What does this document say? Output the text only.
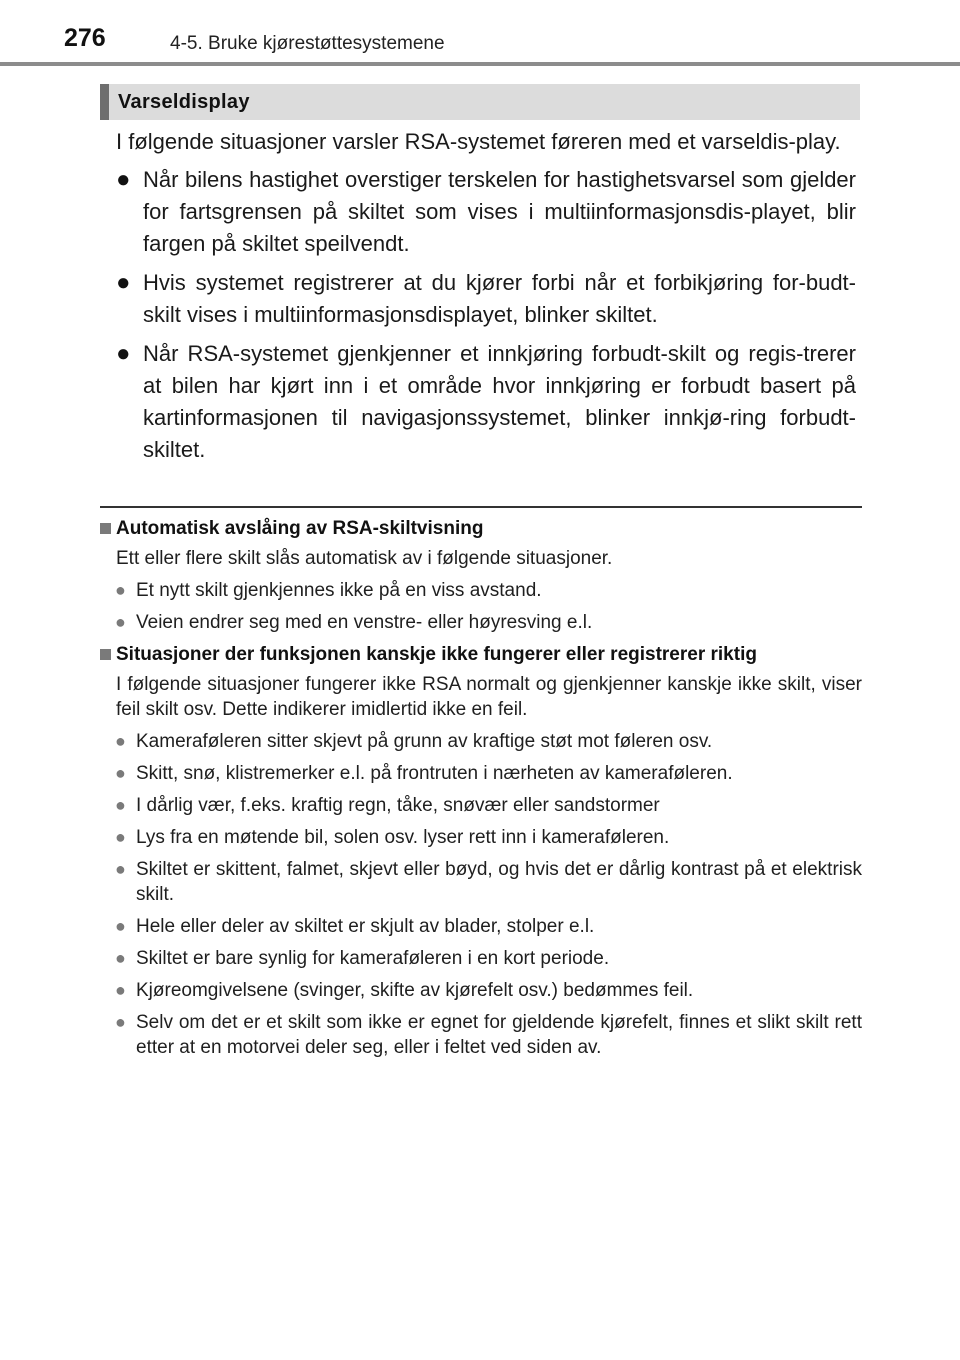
276	4-5. Bruke kjørestøttesystemene
Varseldisplay

I følgende situasjoner varsler RSA-systemet føreren med et varseldis-play.

● Når bilens hastighet overstiger terskelen for hastighetsvarsel som gjelder for fartsgrensen på skiltet som vises i multiinformasjonsdis-playet, blir fargen på skiltet speilvendt.
● Hvis systemet registrerer at du kjører forbi når et forbikjøring for-budt-skilt vises i multiinformasjonsdisplayet, blinker skiltet.
● Når RSA-systemet gjenkjenner et innkjøring forbudt-skilt og regis-trerer at bilen har kjørt inn i et område hvor innkjøring er forbudt basert på kartinformasjonen til navigasjonssystemet, blinker innkjø-ring forbudt-skiltet.
Automatisk avslåing av RSA-skiltvisning
Ett eller flere skilt slås automatisk av i følgende situasjoner.
● Et nytt skilt gjenkjennes ikke på en viss avstand.
● Veien endrer seg med en venstre- eller høyresving e.l.
Situasjoner der funksjonen kanskje ikke fungerer eller registrerer riktig
I følgende situasjoner fungerer ikke RSA normalt og gjenkjenner kanskje ikke skilt, viser feil skilt osv. Dette indikerer imidlertid ikke en feil.
● Kameraføleren sitter skjevt på grunn av kraftige støt mot føleren osv.
● Skitt, snø, klistremerker e.l. på frontruten i nærheten av kameraføleren.
● I dårlig vær, f.eks. kraftig regn, tåke, snøvær eller sandstormer
● Lys fra en møtende bil, solen osv. lyser rett inn i kameraføleren.
● Skiltet er skittent, falmet, skjevt eller bøyd, og hvis det er dårlig kontrast på et elektrisk skilt.
● Hele eller deler av skiltet er skjult av blader, stolper e.l.
● Skiltet er bare synlig for kameraføleren i en kort periode.
● Kjøreomgivelsene (svinger, skifte av kjørefelt osv.) bedømmes feil.
● Selv om det er et skilt som ikke er egnet for gjeldende kjørefelt, finnes et slikt skilt rett etter at en motorvei deler seg, eller i feltet ved siden av.
